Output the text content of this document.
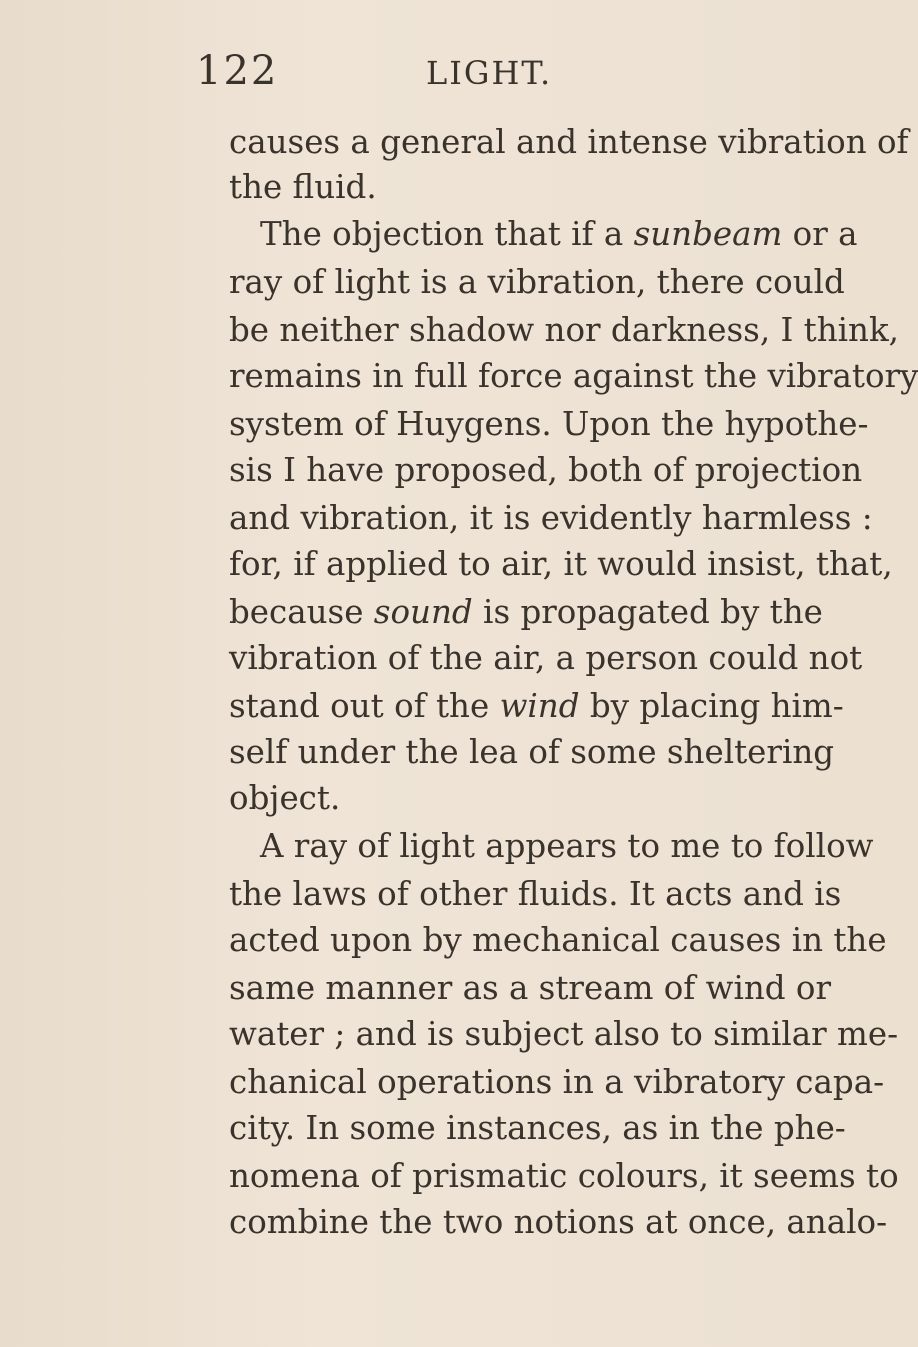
122	LIGHT.
causes a general and intense vibration of
the fluid.
The objection that if a sunbeam or a
ray of light is a vibration, there could
be neither shadow nor darkness, I think,
remains in full force against the vibratory
system of Huygens. Upon the hypothe-
sis I have proposed, both of projection
and vibration, it is evidently harmless :
for, if applied to air, it would insist, that,
because sound is propagated by the
vibration of the air, a person could not
stand out of the wind by placing him-
self under the lea of some sheltering
object.
A ray of light appears to me to follow
the laws of other fluids. It acts and is
acted upon by mechanical causes in the
same manner as a stream of wind or
water ; and is subject also to similar me-
chanical operations in a vibratory capa-
city. In some instances, as in the phe-
nomena of prismatic colours, it seems to
combine the two notions at once, analo-
